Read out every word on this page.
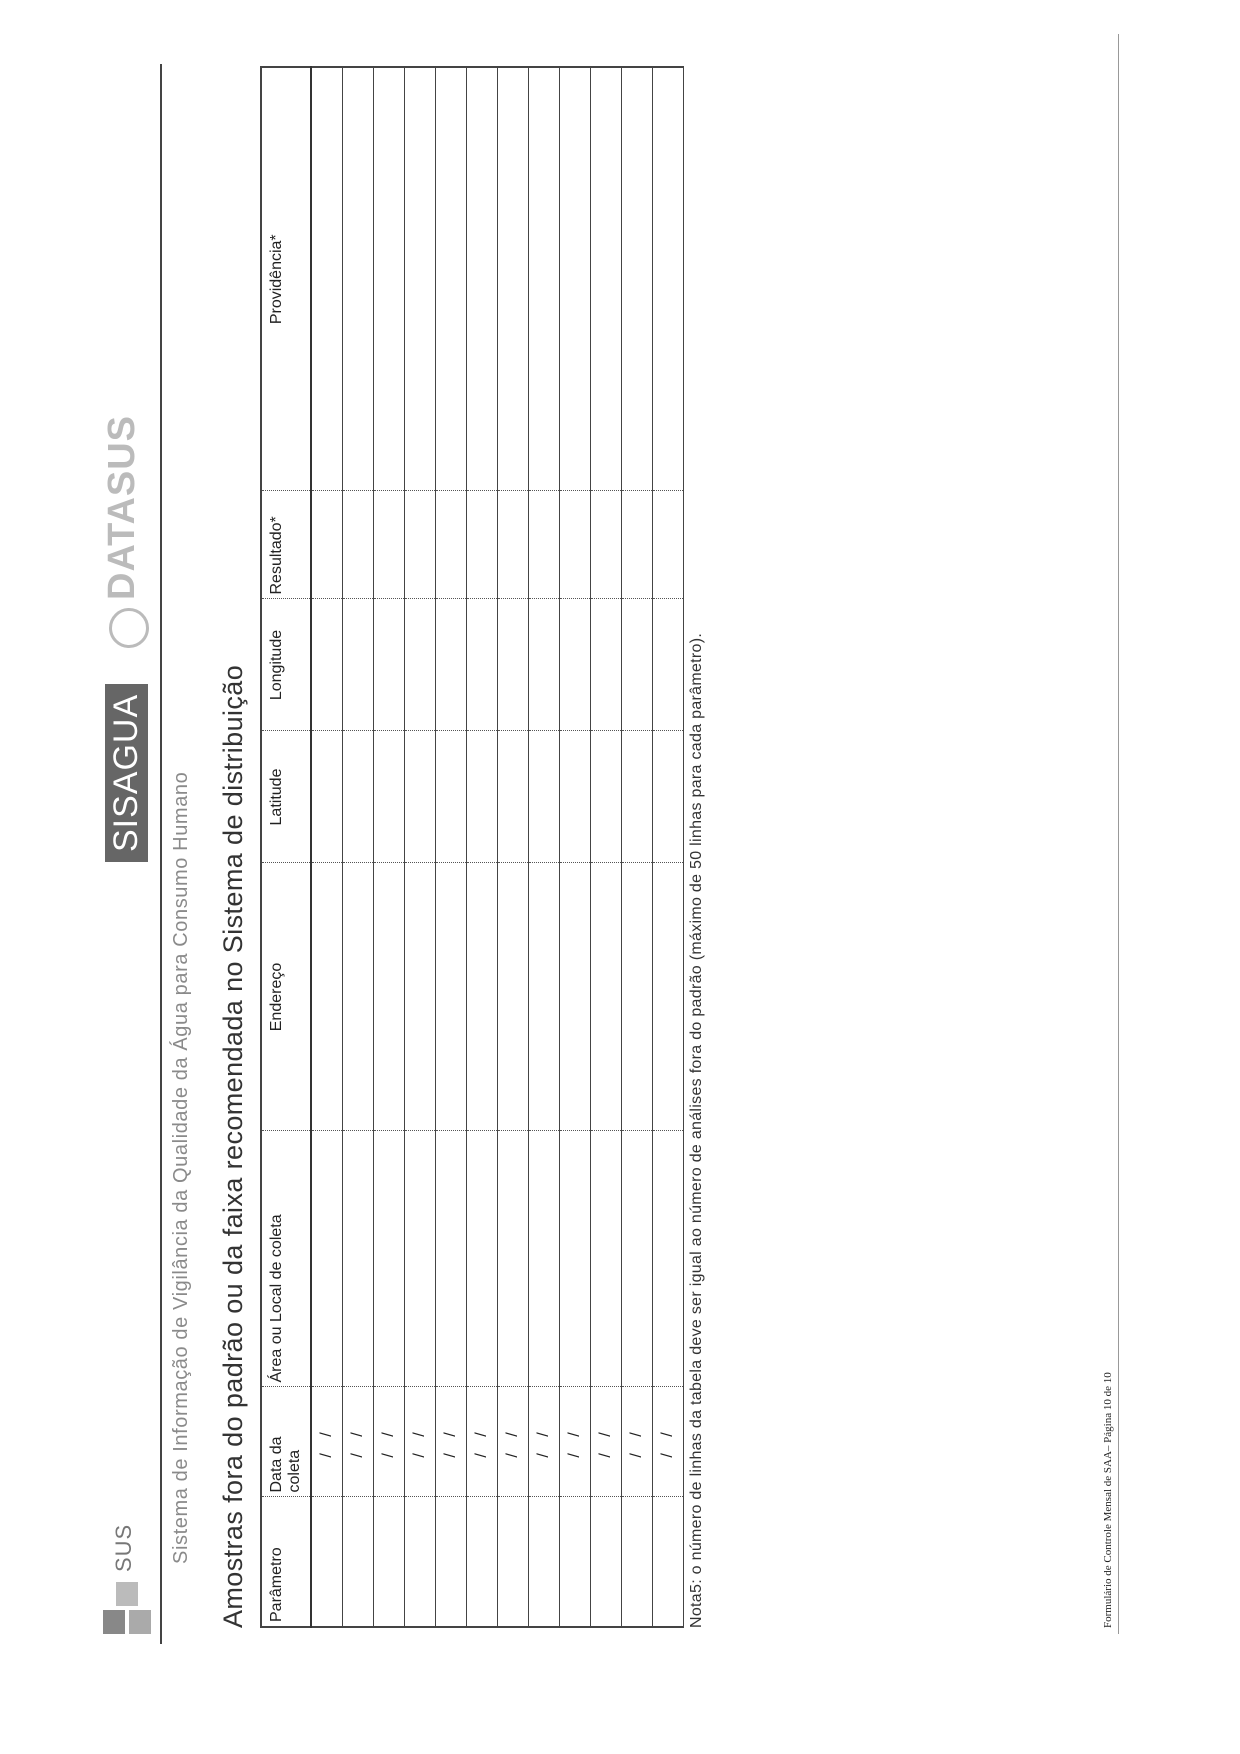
SUS
SISAGUA
DATASUS
Sistema de Informação de Vigilância da Qualidade da Água para Consumo Humano Amostras fora do padrão ou da faixa recomendada no Sistema de distribuição Parâmetro	Data da coleta	Área ou Local de coleta	Endereço	Latitude	Longitude	Resultado*	Providência*
	/ /						
	/ /						
	/ /						
	/ /						
	/ /						
	/ /						
	/ /						
	/ /						
	/ /						
	/ /						
	/ /						
	/ /						Nota5: o número de linhas da tabela deve ser igual ao número de análises fora do padrão (máximo de 50 linhas para cada parâmetro).	Formulário de Controle Mensal de SAA– Página 10 de 10
